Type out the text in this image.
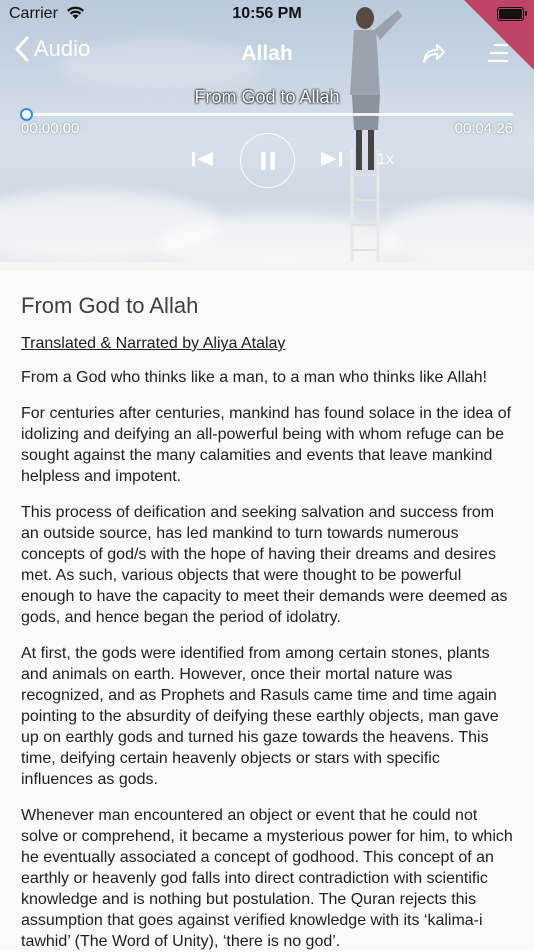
Carrier	10:56 PM
Audio	Allah
From God to Allah
00:00:00	00:04:26
1x
From God to Allah
Translated & Narrated by Aliya Atalay

From a God who thinks like a man, to a man who thinks like Allah!

For centuries after centuries, mankind has found solace in the idea of idolizing and deifying an all-powerful being with whom refuge can be sought against the many calamities and events that leave mankind helpless and impotent.

This process of deification and seeking salvation and success from an outside source, has led mankind to turn towards numerous concepts of god/s with the hope of having their dreams and desires met. As such, various objects that were thought to be powerful enough to have the capacity to meet their demands were deemed as gods, and hence began the period of idolatry.

At first, the gods were identified from among certain stones, plants and animals on earth. However, once their mortal nature was recognized, and as Prophets and Rasuls came time and time again pointing to the absurdity of deifying these earthly objects, man gave up on earthly gods and turned his gaze towards the heavens. This time, deifying certain heavenly objects or stars with specific influences as gods.

Whenever man encountered an object or event that he could not solve or comprehend, it became a mysterious power for him, to which he eventually associated a concept of godhood. This concept of an earthly or heavenly god falls into direct contradiction with scientific knowledge and is nothing but postulation. The Quran rejects this assumption that goes against verified knowledge with its ‘kalima-i tawhid’ (The Word of Unity), ‘there is no god’.
